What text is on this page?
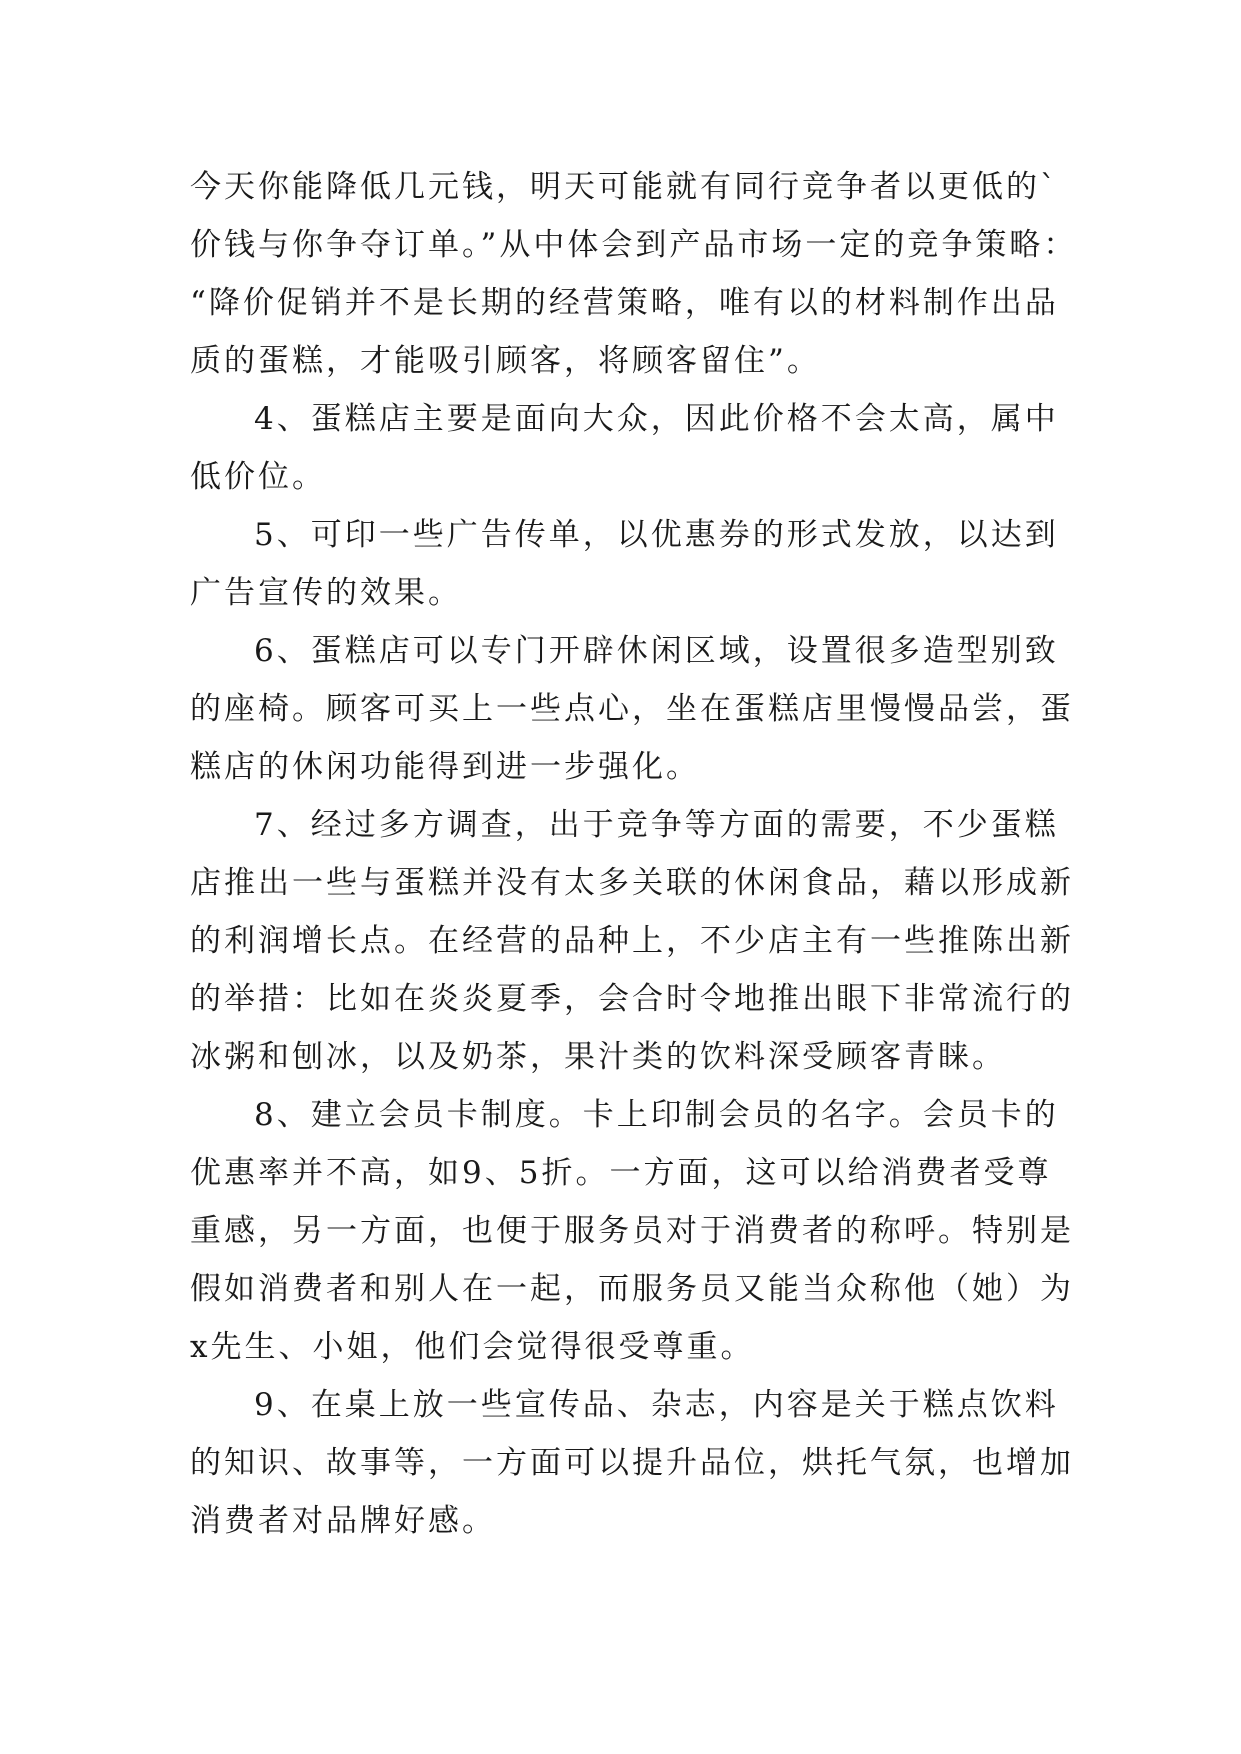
今天你能降低几元钱，明天可能就有同行竞争者以更低的`
价钱与你争夺订单。”从中体会到产品市场一定的竞争策略：
“降价促销并不是长期的经营策略，唯有以的材料制作出品
质的蛋糕，才能吸引顾客，将顾客留住”。
4、蛋糕店主要是面向大众，因此价格不会太高，属中
低价位。
5、可印一些广告传单，以优惠券的形式发放，以达到
广告宣传的效果。
6、蛋糕店可以专门开辟休闲区域，设置很多造型别致
的座椅。顾客可买上一些点心，坐在蛋糕店里慢慢品尝，蛋
糕店的休闲功能得到进一步强化。
7、经过多方调查，出于竞争等方面的需要，不少蛋糕
店推出一些与蛋糕并没有太多关联的休闲食品，藉以形成新
的利润增长点。在经营的品种上，不少店主有一些推陈出新
的举措：比如在炎炎夏季，会合时令地推出眼下非常流行的
冰粥和刨冰，以及奶茶，果汁类的饮料深受顾客青睐。
8、建立会员卡制度。卡上印制会员的名字。会员卡的
优惠率并不高，如9、5折。一方面，这可以给消费者受尊
重感，另一方面，也便于服务员对于消费者的称呼。特别是
假如消费者和别人在一起，而服务员又能当众称他（她）为
x先生、小姐，他们会觉得很受尊重。
9、在桌上放一些宣传品、杂志，内容是关于糕点饮料
的知识、故事等，一方面可以提升品位，烘托气氛，也增加
消费者对品牌好感。
